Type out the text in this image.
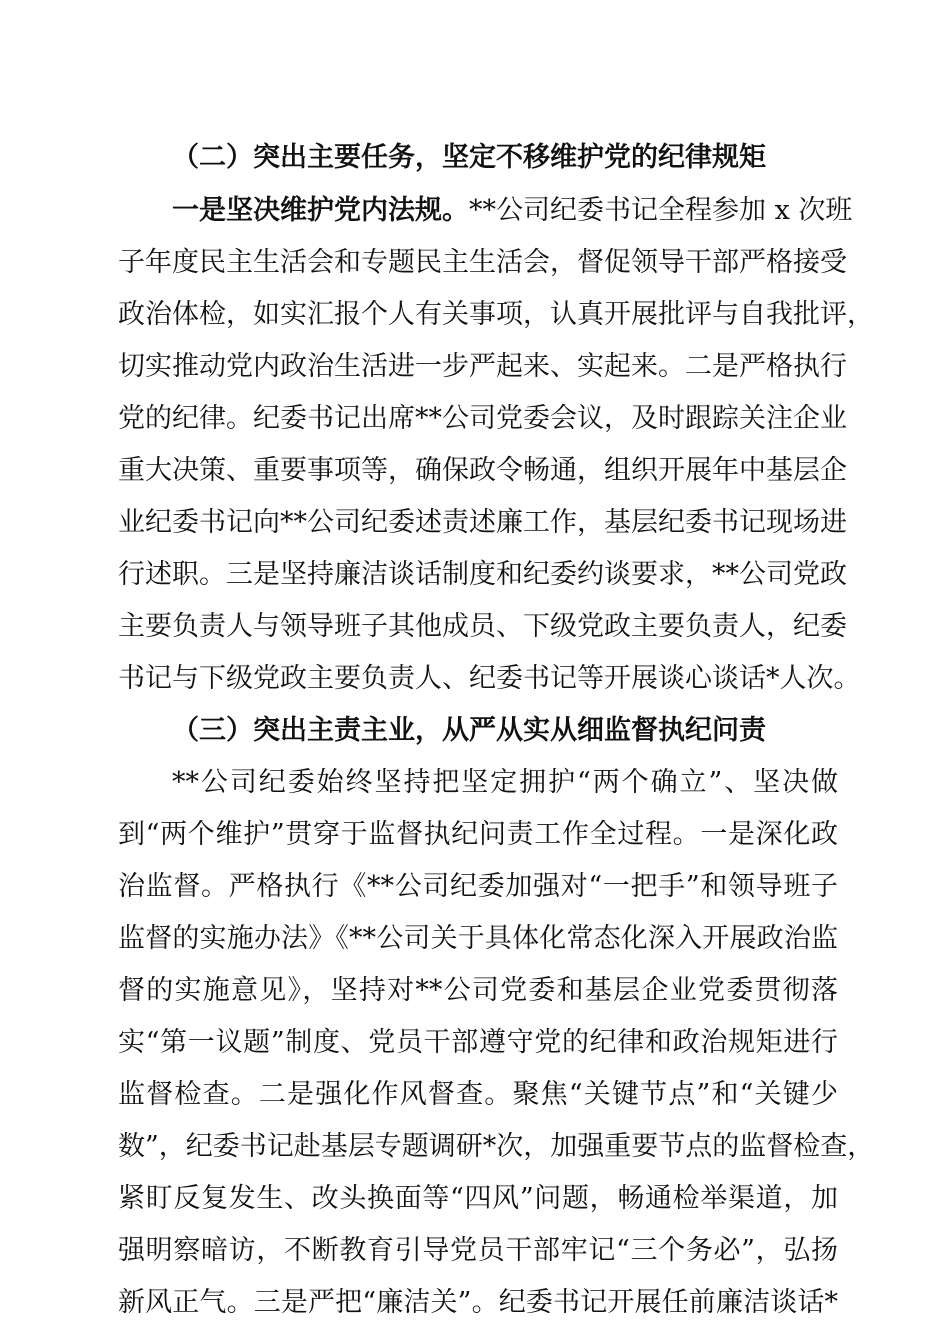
（二）突出主要任务，坚定不移维护党的纪律规矩
一是坚决维护党内法规。**公司纪委书记全程参加 x 次班
子年度民主生活会和专题民主生活会，督促领导干部严格接受
政治体检，如实汇报个人有关事项，认真开展批评与自我批评，
切实推动党内政治生活进一步严起来、实起来。二是严格执行
党的纪律。纪委书记出席**公司党委会议，及时跟踪关注企业
重大决策、重要事项等，确保政令畅通，组织开展年中基层企
业纪委书记向**公司纪委述责述廉工作，基层纪委书记现场进
行述职。三是坚持廉洁谈话制度和纪委约谈要求，**公司党政
主要负责人与领导班子其他成员、下级党政主要负责人，纪委
书记与下级党政主要负责人、纪委书记等开展谈心谈话*人次。
（三）突出主责主业，从严从实从细监督执纪问责
**公司纪委始终坚持把坚定拥护“两个确立”、坚决做
到“两个维护”贯穿于监督执纪问责工作全过程。一是深化政
治监督。严格执行《**公司纪委加强对“一把手”和领导班子
监督的实施办法》《**公司关于具体化常态化深入开展政治监
督的实施意见》，坚持对**公司党委和基层企业党委贯彻落
实“第一议题”制度、党员干部遵守党的纪律和政治规矩进行
监督检查。二是强化作风督查。聚焦“关键节点”和“关键少
数”，纪委书记赴基层专题调研*次，加强重要节点的监督检查，
紧盯反复发生、改头换面等“四风”问题，畅通检举渠道，加
强明察暗访，不断教育引导党员干部牢记“三个务必”，弘扬
新风正气。三是严把“廉洁关”。纪委书记开展任前廉洁谈话*
